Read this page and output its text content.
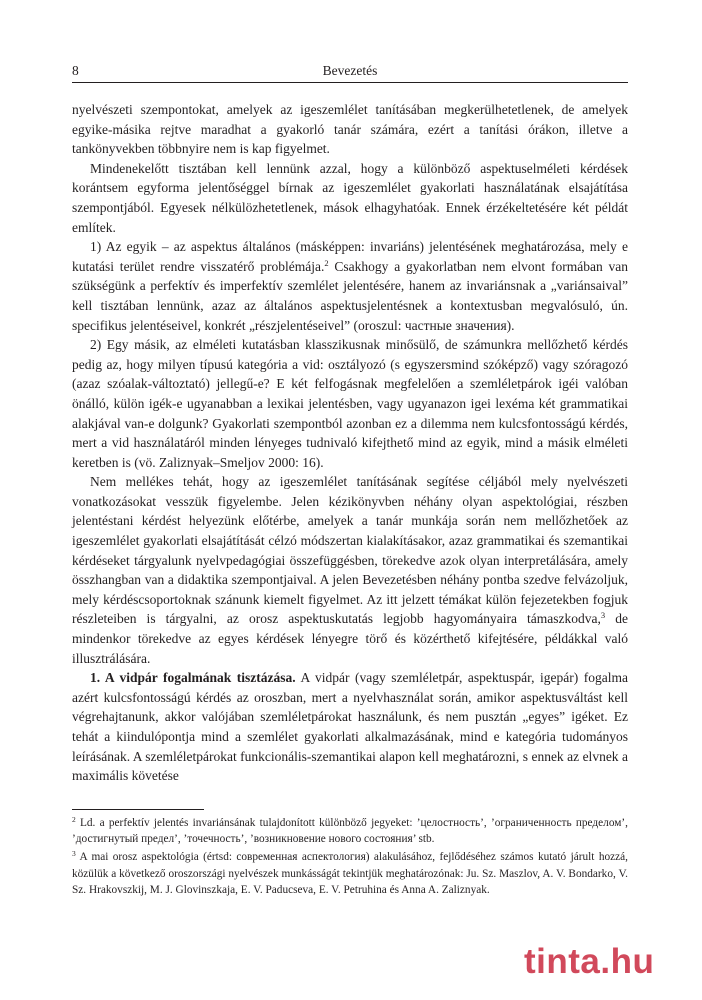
8	Bevezetés

nyelvészeti szempontokat, amelyek az igeszemlélet tanításában megkerülhetetlenek, de amelyek egyike-másika rejtve maradhat a gyakorló tanár számára, ezért a tanítási órákon, illetve a tankönyvekben többnyire nem is kap figyelmet.

Mindenekelőtt tisztában kell lennünk azzal, hogy a különböző aspektuselméleti kérdések korántsem egyforma jelentőséggel bírnak az igeszemlélet gyakorlati használatának elsajátítása szempontjából. Egyesek nélkülözhetetlenek, mások elhagyhatóak. Ennek érzékeltetésére két példát említek.

1) Az egyik – az aspektus általános (másképpen: invariáns) jelentésének meghatározása, mely e kutatási terület rendre visszatérő problémája.$^2$ Csakhogy a gyakorlatban nem elvont formában van szükségünk a perfektív és imperfektív szemlélet jelentésére, hanem az invariánsnak a „variánsaival” kell tisztában lennünk, azaz az általános aspektusjelentésnek a kontextusban megvalósuló, ún. specifikus jelentéseivel, konkrét „részjelentéseivel” (oroszul: частные значения).

2) Egy másik, az elméleti kutatásban klasszikusnak minősülő, de számunkra mellőzhető kérdés pedig az, hogy milyen típusú kategória a vid: osztályozó (s egyszersmind szóképző) vagy szóragozó (azaz szóalak-változtató) jellegű-e? E két felfogásnak megfelelően a szemléletpárok igéi valóban önálló, külön igék-e ugyanabban a lexikai jelentésben, vagy ugyanazon igei lexéma két grammatikai alakjával van-e dolgunk? Gyakorlati szempontból azonban ez a dilemma nem kulcsfontosságú kérdés, mert a vid használatáról minden lényeges tudnivaló kifejthető mind az egyik, mind a másik elméleti keretben is (vö. Zaliznyak–Smeljov 2000: 16).

Nem mellékes tehát, hogy az igeszemlélet tanításának segítése céljából mely nyelvészeti vonatkozásokat vesszük figyelembe. Jelen kézikönyvben néhány olyan aspektológiai, részben jelentéstani kérdést helyezünk előtérbe, amelyek a tanár munkája során nem mellőzhetőek az igeszemlélet gyakorlati elsajátítását célzó módszertan kialakításakor, azaz grammatikai és szemantikai kérdéseket tárgyalunk nyelvpedagógiai összefüggésben, törekedve azok olyan interpretálására, amely összhangban van a didaktika szempontjaival. A jelen Bevezetésben néhány pontba szedve felvázoljuk, mely kérdéscsoportoknak szánunk kiemelt figyelmet. Az itt jelzett témákat külön fejezetekben fogjuk részleteiben is tárgyalni, az orosz aspektuskutatás legjobb hagyományaira támaszkodva,$^3$ de mindenkor törekedve az egyes kérdések lényegre törő és közérthető kifejtésére, példákkal való illusztrálására.

1. A vidpár fogalmának tisztázása. A vidpár (vagy szemléletpár, aspektuspár, igepár) fogalma azért kulcsfontosságú kérdés az oroszban, mert a nyelvhasználat során, amikor aspektusváltást kell végrehajtanunk, akkor valójában szemléletpárokat használunk, és nem pusztán „egyes” igéket. Ez tehát a kiindulópontja mind a szemlélet gyakorlati alkalmazásának, mind e kategória tudományos leírásának. A szemléletpárokat funkcionális-szemantikai alapon kell meghatározni, s ennek az elvnek a maximális követése

$^2$ Ld. a perfektív jelentés invariánsának tulajdonított különböző jegyeket: ’целостность’, ’ограниченность пределом’, ’достигнутый предел’, ’точечность’, ’возникновение нового состояния’ stb.

$^3$ A mai orosz aspektológia (értsd: современная аспектология) alakulásához, fejlődéséhez számos kutató járult hozzá, közülük a következő oroszországi nyelvészek munkásságát tekintjük meghatározónak: Ju. Sz. Maszlov, A. V. Bondarko, V. Sz. Hrakovszkij, M. J. Glovinszkaja, E. V. Paducseva, E. V. Petruhina és Anna A. Zaliznyak.

tinta.hu
